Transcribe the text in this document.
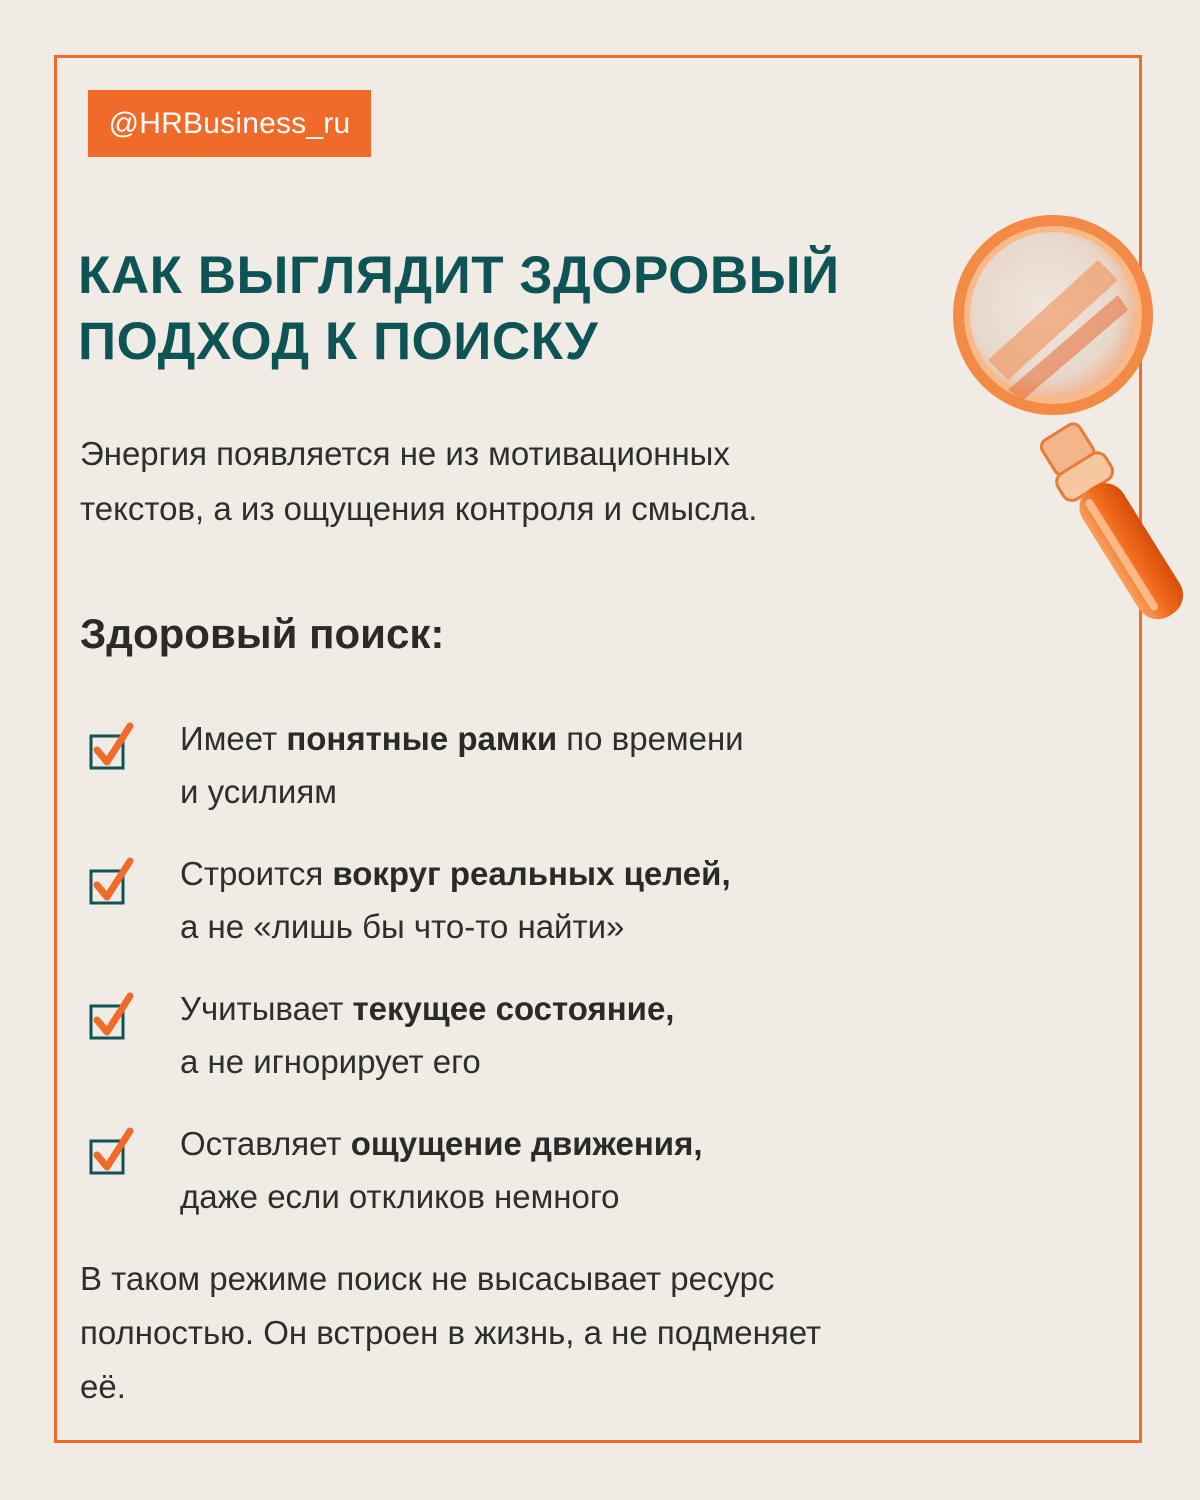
@HRBusiness_ru
КАК ВЫГЛЯДИТ ЗДОРОВЫЙ
ПОДХОД К ПОИСКУ

Энергия появляется не из мотивационных
текстов, а из ощущения контроля и смысла.

Здоровый поиск:
Имеет понятные рамки по времени
и усилиям
Строится вокруг реальных целей,
а не «лишь бы что-то найти»
Учитывает текущее состояние,
а не игнорирует его
Оставляет ощущение движения,
даже если откликов немного

В таком режиме поиск не высасывает ресурс
полностью. Он встроен в жизнь, а не подменяет
её.
